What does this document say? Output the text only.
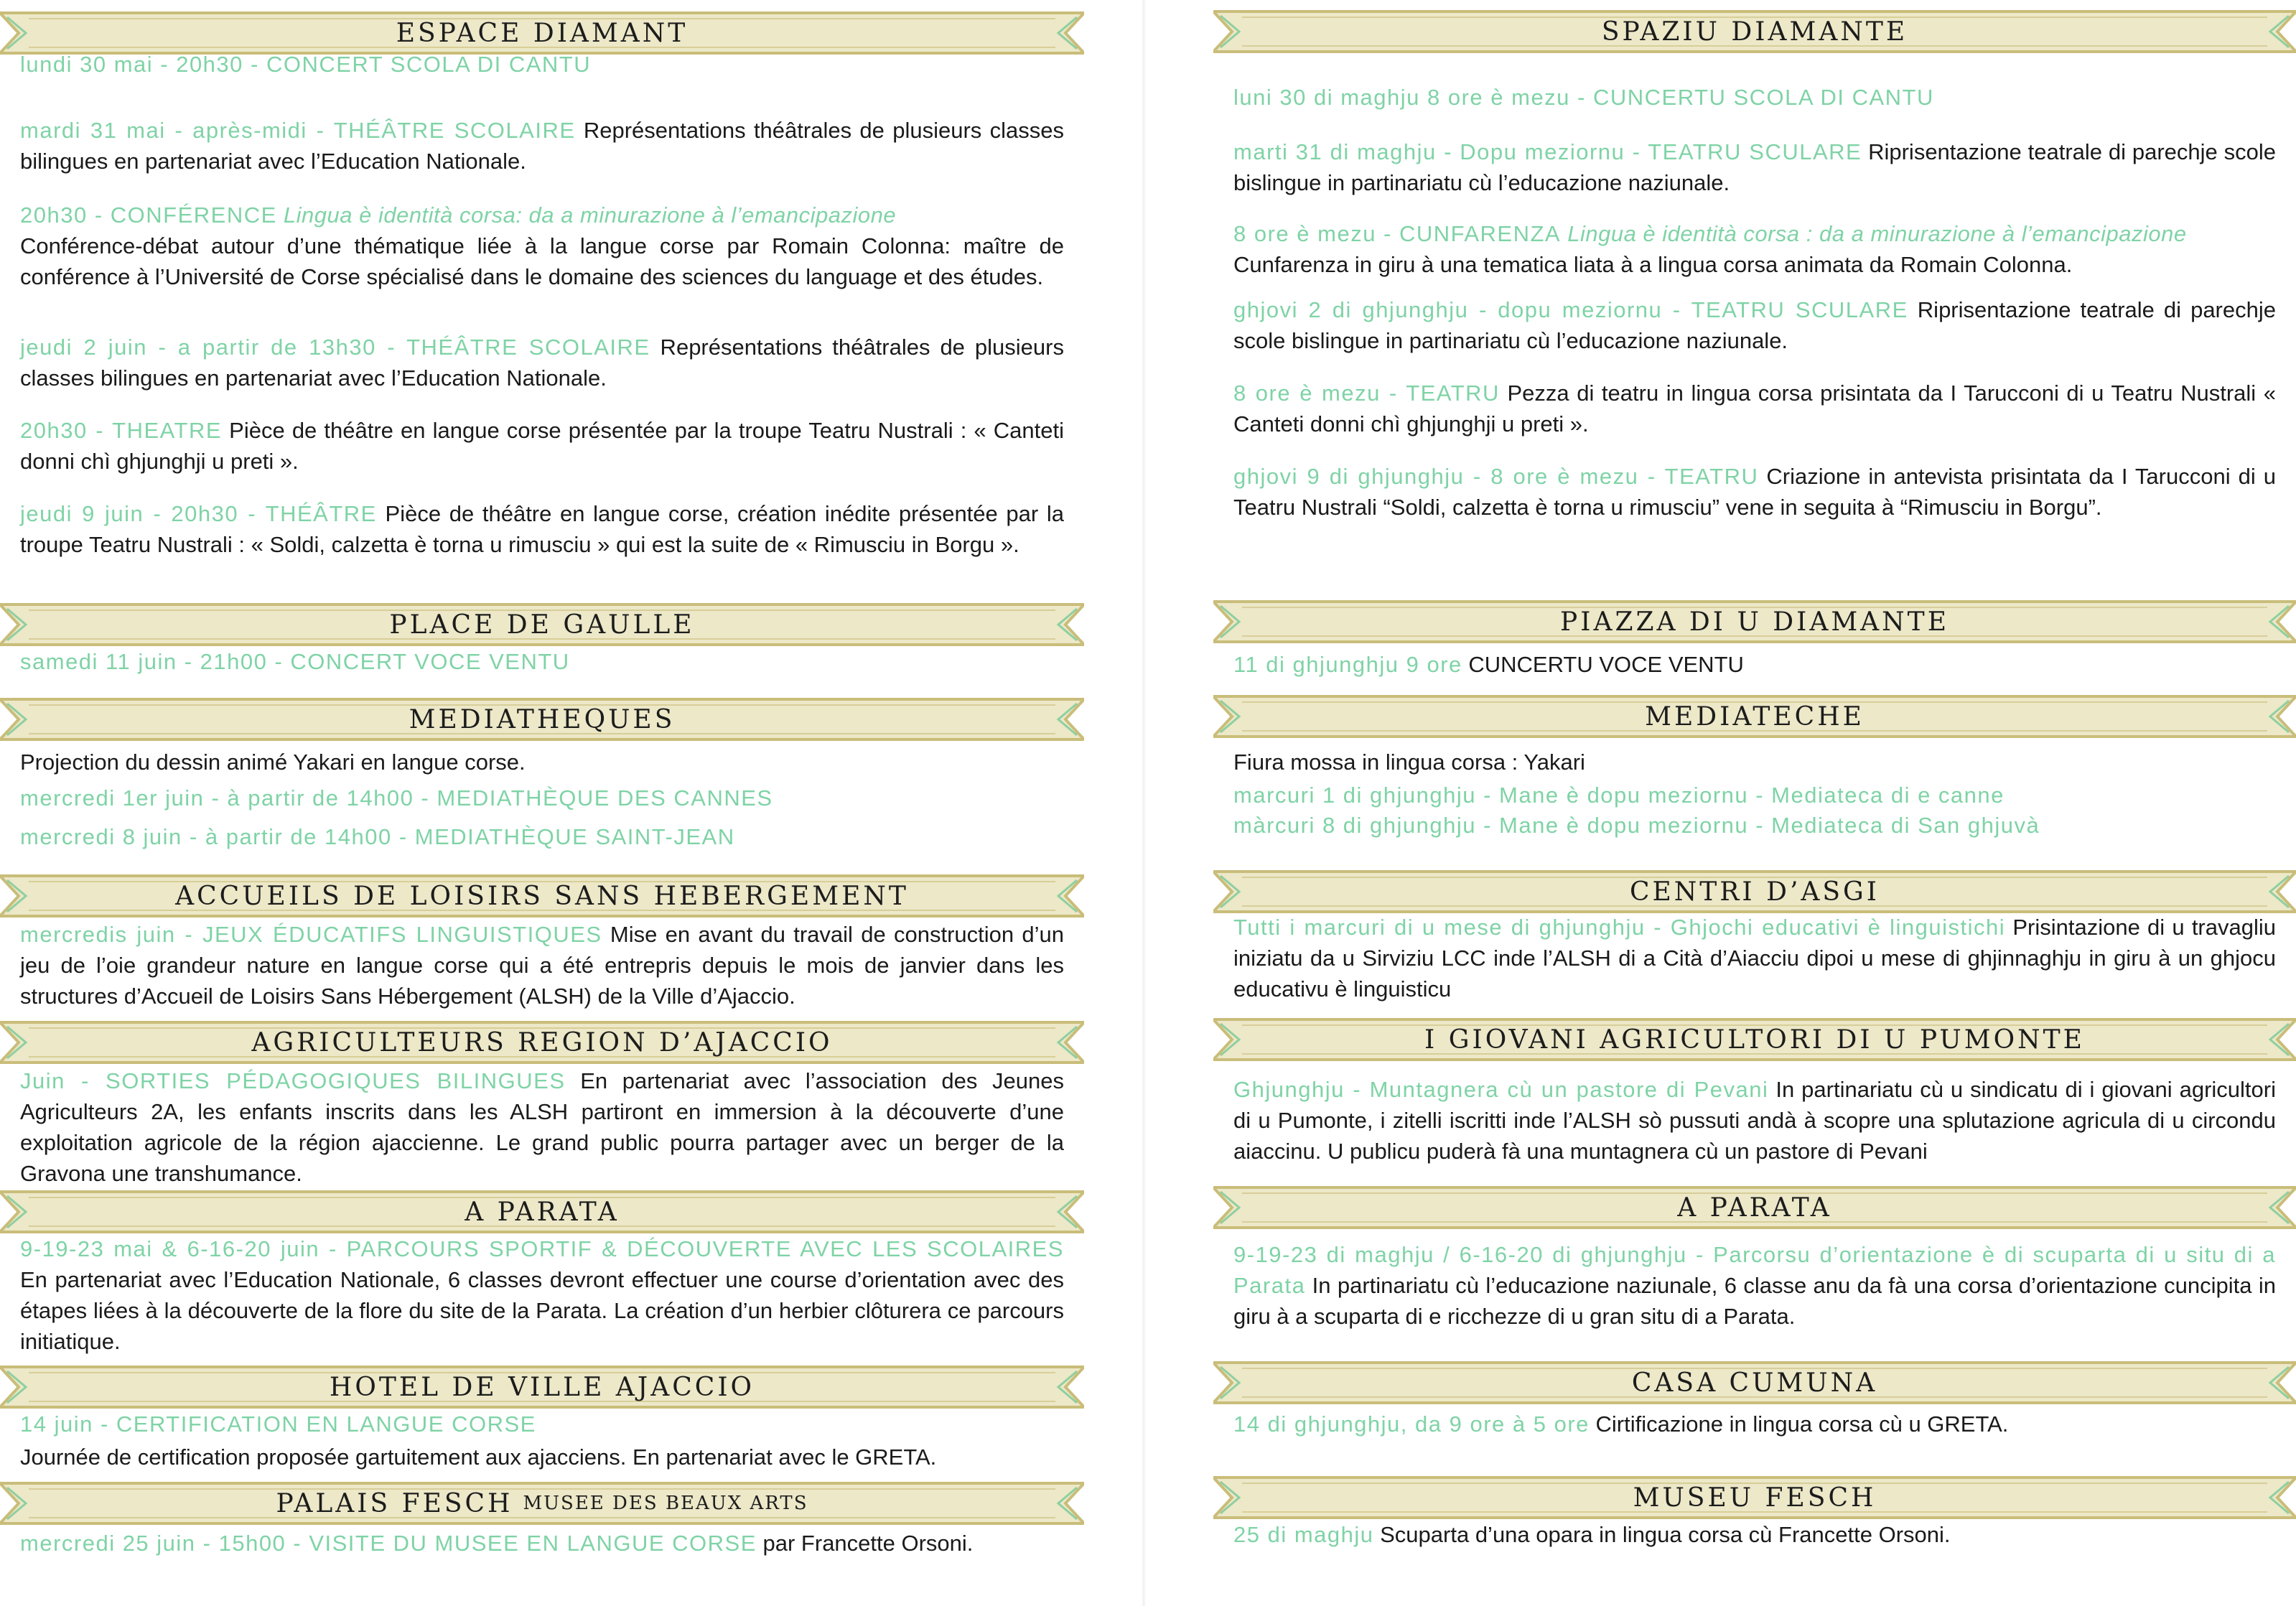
ESPACE DIAMANT
lundi 30 mai - 20h30 - CONCERT SCOLA DI CANTU
mardi 31 mai - après-midi - THÉÂTRE SCOLAIRE Représentations théâtrales de plusieurs classes bilingues en partenariat avec l’Education Nationale.
20h30 - CONFÉRENCE Lingua è identità corsa: da a minurazione à l’emancipazione
Conférence-débat autour d’une thématique liée à la langue corse par Romain Colonna: maître de conférence à l’Université de Corse spécialisé dans le domaine des sciences du language et des études.
jeudi 2 juin - a partir de 13h30 - THÉÂTRE SCOLAIRE Représentations théâtrales de plusieurs classes bilingues en partenariat avec l’Education Nationale.
20h30 - THEATRE Pièce de théâtre en langue corse présentée par la troupe Teatru Nustrali : « Canteti donni chì ghjunghji u preti ».
jeudi 9 juin - 20h30 - THÉÂTRE Pièce de théâtre en langue corse, création inédite présentée par la troupe Teatru Nustrali : « Soldi, calzetta è torna u rimusciu » qui est la suite de « Rimusciu in Borgu ».
PLACE DE GAULLE
samedi 11 juin - 21h00 - CONCERT VOCE VENTU
MEDIATHEQUES
Projection du dessin animé Yakari en langue corse.
mercredi 1er juin - à partir de 14h00 - MEDIATHÈQUE DES CANNES
mercredi 8 juin - à partir de 14h00 - MEDIATHÈQUE SAINT-JEAN
ACCUEILS DE LOISIRS SANS HEBERGEMENT
mercredis juin - JEUX ÉDUCATIFS LINGUISTIQUES Mise en avant du travail de construction d’un jeu de l’oie grandeur nature en langue corse qui a été entrepris depuis le mois de janvier dans les structures d’Accueil de Loisirs Sans Hébergement (ALSH) de la Ville d’Ajaccio.
AGRICULTEURS REGION D’AJACCIO
Juin - SORTIES PÉDAGOGIQUES BILINGUES En partenariat avec l’association des Jeunes Agriculteurs 2A, les enfants inscrits dans les ALSH partiront en immersion à la découverte d’une exploitation agricole de la région ajaccienne. Le grand public pourra partager avec un berger de la Gravona une transhumance.
A PARATA
9-19-23 mai & 6-16-20 juin - PARCOURS SPORTIF & DÉCOUVERTE AVEC LES SCOLAIRES En partenariat avec l’Education Nationale, 6 classes devront effectuer une course d’orientation avec des étapes liées à la découverte de la flore du site de la Parata. La création d’un herbier clôturera ce parcours initiatique.
HOTEL DE VILLE AJACCIO
14 juin - CERTIFICATION EN LANGUE CORSE
Journée de certification proposée gartuitement aux ajacciens. En partenariat avec le GRETA.
PALAIS FESCH MUSEE DES BEAUX ARTS
mercredi 25 juin - 15h00 - VISITE DU MUSEE EN LANGUE CORSE par Francette Orsoni.
SPAZIU DIAMANTE
luni 30 di maghju 8 ore è mezu - CUNCERTU SCOLA DI CANTU
marti 31 di maghju - Dopu meziornu - TEATRU SCULARE Riprisentazione teatrale di parechje scole bislingue in partinariatu cù l’educazione naziunale.
8 ore è mezu - CUNFARENZA Lingua è identità corsa : da a minurazione à l’emancipazione
Cunfarenza in giru à una tematica liata à a lingua corsa animata da Romain Colonna.
ghjovi 2 di ghjunghju - dopu meziornu - TEATRU SCULARE Riprisentazione teatrale di parechje scole bislingue in partinariatu cù l’educazione naziunale.
8 ore è mezu - TEATRU Pezza di teatru in lingua corsa prisintata da I Tarucconi di u Teatru Nustrali « Canteti donni chì ghjunghji u preti ».
ghjovi 9 di ghjunghju - 8 ore è mezu - TEATRU Criazione in antevista prisintata da I Tarucconi di u Teatru Nustrali “Soldi, calzetta è torna u rimusciu” vene in seguita à “Rimusciu in Borgu”.
PIAZZA DI U DIAMANTE
11 di ghjunghju 9 ore CUNCERTU VOCE VENTU
MEDIATECHE
Fiura mossa in lingua corsa : Yakari
marcuri 1 di ghjunghju - Mane è dopu meziornu - Mediateca di e canne
màrcuri 8 di ghjunghju - Mane è dopu meziornu - Mediateca di San ghjuvà
CENTRI D’ASGI
Tutti i marcuri di u mese di ghjunghju - Ghjochi educativi è linguistichi Prisintazione di u travagliu iniziatu da u Sirviziu LCC inde l’ALSH di a Cità d’Aiacciu dipoi u mese di ghjinnaghju in giru à un ghjocu educativu è linguisticu
I GIOVANI AGRICULTORI DI U PUMONTE
Ghjunghju - Muntagnera cù un pastore di Pevani In partinariatu cù u sindicatu di i giovani agricultori di u Pumonte, i zitelli iscritti inde l’ALSH sò pussuti andà à scopre una splutazione agricula di u circondu aiaccinu. U publicu puderà fà una muntagnera cù un pastore di Pevani
A PARATA
9-19-23 di maghju / 6-16-20 di ghjunghju - Parcorsu d’orientazione è di scuparta di u situ di a Parata In partinariatu cù l’educazione naziunale, 6 classe anu da fà una corsa d’orientazione cuncipita in giru à a scuparta di e ricchezze di u gran situ di a Parata.
CASA CUMUNA
14 di ghjunghju, da 9 ore à 5 ore Cirtificazione in lingua corsa cù u GRETA.
MUSEU FESCH
25 di maghju Scuparta d’una opara in lingua corsa cù Francette Orsoni.
